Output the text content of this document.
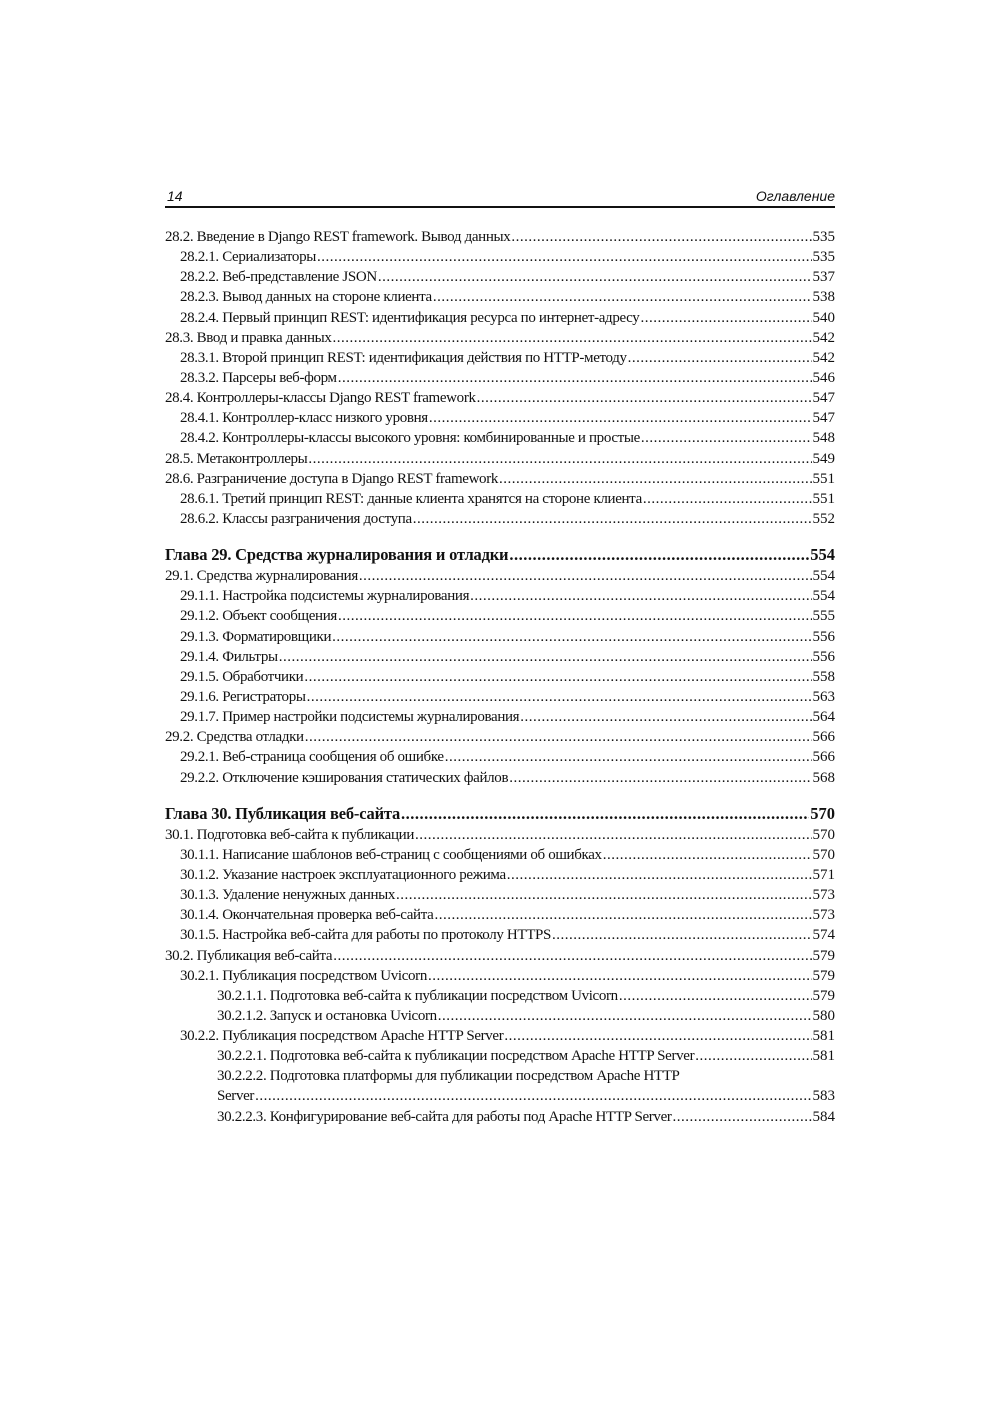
14	Оглавление
28.2. Введение в Django REST framework. Вывод данных .....	535
28.2.1. Сериализаторы .....	535
28.2.2. Веб-представление JSON .....	537
28.2.3. Вывод данных на стороне клиента .....	538
28.2.4. Первый принцип REST: идентификация ресурса по интернет-адресу .....	540
28.3. Ввод и правка данных .....	542
28.3.1. Второй принцип REST: идентификация действия по HTTP-методу .....	542
28.3.2. Парсеры веб-форм .....	546
28.4. Контроллеры-классы Django REST framework .....	547
28.4.1. Контроллер-класс низкого уровня .....	547
28.4.2. Контроллеры-классы высокого уровня: комбинированные и простые .....	548
28.5. Метаконтроллеры .....	549
28.6. Разграничение доступа в Django REST framework .....	551
28.6.1. Третий принцип REST: данные клиента хранятся на стороне клиента .....	551
28.6.2. Классы разграничения доступа .....	552
Глава 29. Средства журналирования и отладки .....	554
29.1. Средства журналирования .....	554
29.1.1. Настройка подсистемы журналирования .....	554
29.1.2. Объект сообщения .....	555
29.1.3. Форматировщики .....	556
29.1.4. Фильтры .....	556
29.1.5. Обработчики .....	558
29.1.6. Регистраторы .....	563
29.1.7. Пример настройки подсистемы журналирования .....	564
29.2. Средства отладки .....	566
29.2.1. Веб-страница сообщения об ошибке .....	566
29.2.2. Отключение кэширования статических файлов .....	568
Глава 30. Публикация веб-сайта .....	570
30.1. Подготовка веб-сайта к публикации .....	570
30.1.1. Написание шаблонов веб-страниц с сообщениями об ошибках .....	570
30.1.2. Указание настроек эксплуатационного режима .....	571
30.1.3. Удаление ненужных данных .....	573
30.1.4. Окончательная проверка веб-сайта .....	573
30.1.5. Настройка веб-сайта для работы по протоколу HTTPS .....	574
30.2. Публикация веб-сайта .....	579
30.2.1. Публикация посредством Uvicorn .....	579
30.2.1.1. Подготовка веб-сайта к публикации посредством Uvicorn .....	579
30.2.1.2. Запуск и остановка Uvicorn .....	580
30.2.2. Публикация посредством Apache HTTP Server .....	581
30.2.2.1. Подготовка веб-сайта к публикации посредством Apache HTTP Server .....	581
30.2.2.2. Подготовка платформы для публикации посредством Apache HTTP
Server .....	583
30.2.2.3. Конфигурирование веб-сайта для работы под Apache HTTP Server .....	584
